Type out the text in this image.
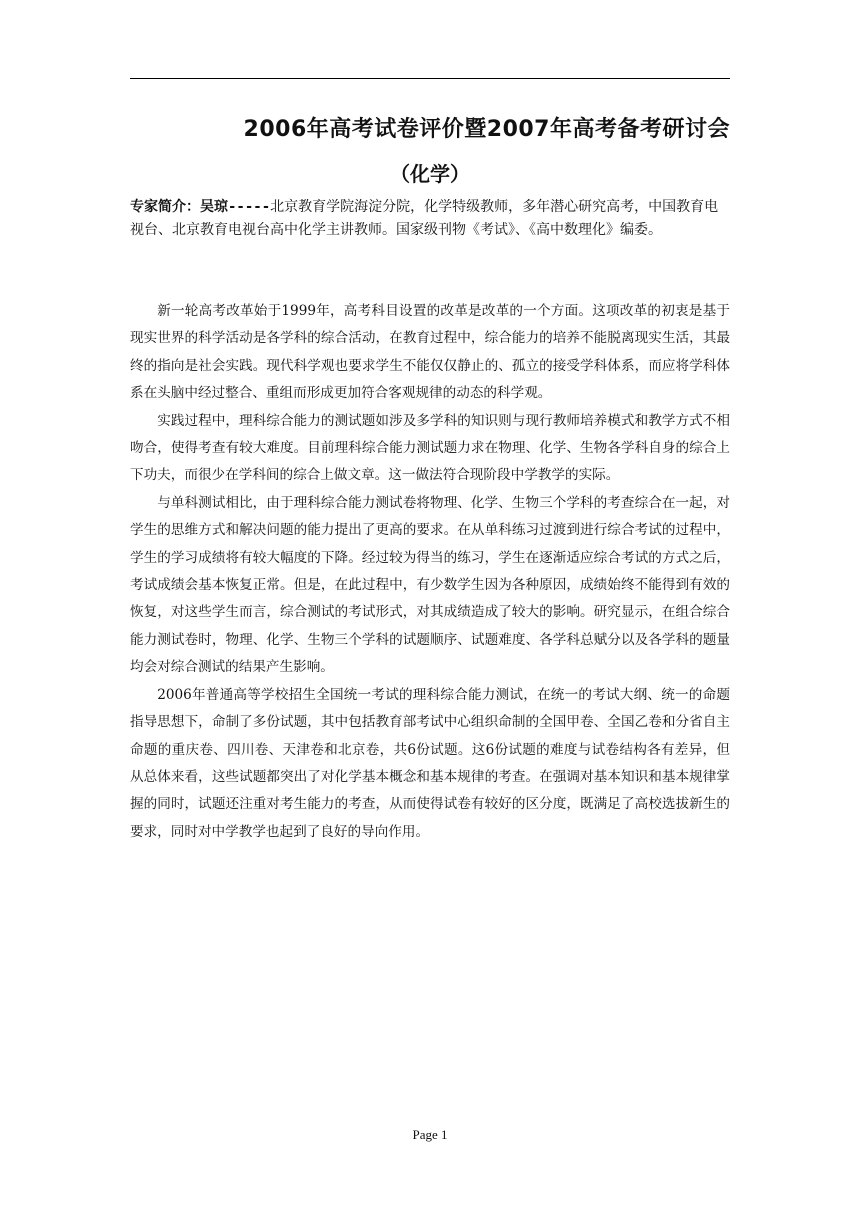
2006年高考试卷评价暨2007年高考备考研讨会
（化学）
专家简介：吴琼-----北京教育学院海淀分院，化学特级教师，多年潜心研究高考，中国教育电视台、北京教育电视台高中化学主讲教师。国家级刊物《考试》、《高中数理化》编委。

新一轮高考改革始于1999年，高考科目设置的改革是改革的一个方面。这项改革的初衷是基于现实世界的科学活动是各学科的综合活动，在教育过程中，综合能力的培养不能脱离现实生活，其最终的指向是社会实践。现代科学观也要求学生不能仅仅静止的、孤立的接受学科体系，而应将学科体系在头脑中经过整合、重组而形成更加符合客观规律的动态的科学观。

实践过程中，理科综合能力的测试题如涉及多学科的知识则与现行教师培养模式和教学方式不相吻合，使得考查有较大难度。目前理科综合能力测试题力求在物理、化学、生物各学科自身的综合上下功夫，而很少在学科间的综合上做文章。这一做法符合现阶段中学教学的实际。

与单科测试相比，由于理科综合能力测试卷将物理、化学、生物三个学科的考查综合在一起，对学生的思维方式和解决问题的能力提出了更高的要求。在从单科练习过渡到进行综合考试的过程中，学生的学习成绩将有较大幅度的下降。经过较为得当的练习，学生在逐渐适应综合考试的方式之后，考试成绩会基本恢复正常。但是，在此过程中，有少数学生因为各种原因，成绩始终不能得到有效的恢复，对这些学生而言，综合测试的考试形式，对其成绩造成了较大的影响。研究显示，在组合综合能力测试卷时，物理、化学、生物三个学科的试题顺序、试题难度、各学科总赋分以及各学科的题量均会对综合测试的结果产生影响。

2006年普通高等学校招生全国统一考试的理科综合能力测试，在统一的考试大纲、统一的命题指导思想下，命制了多份试题，其中包括教育部考试中心组织命制的全国甲卷、全国乙卷和分省自主命题的重庆卷、四川卷、天津卷和北京卷，共6份试题。这6份试题的难度与试卷结构各有差异，但从总体来看，这些试题都突出了对化学基本概念和基本规律的考查。在强调对基本知识和基本规律掌握的同时，试题还注重对考生能力的考查，从而使得试卷有较好的区分度，既满足了高校选拔新生的要求，同时对中学教学也起到了良好的导向作用。

Page 1
